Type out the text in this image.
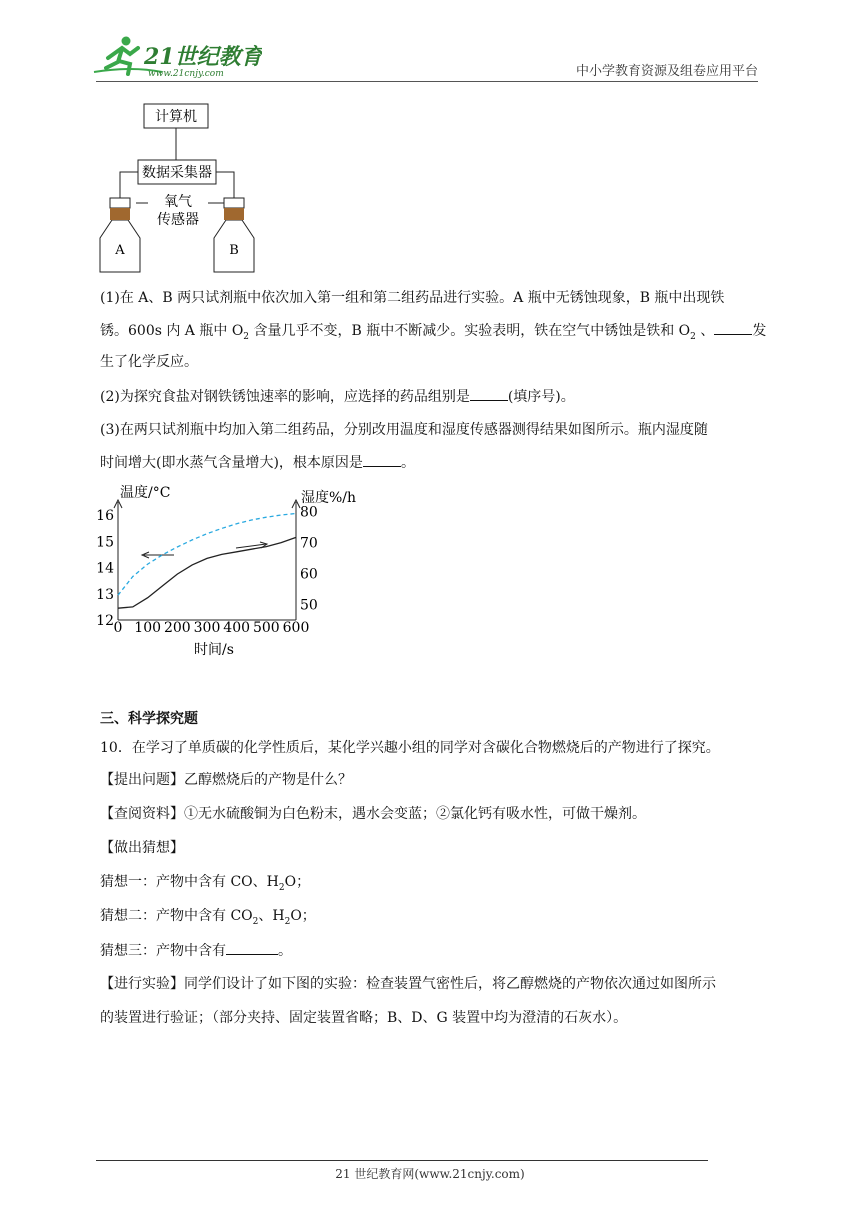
21世纪教育
www.21cnjy.com	中小学教育资源及组卷应用平台
计算机
数据采集器
氧气
传感器
A	B
(1)在 A、B 两只试剂瓶中依次加入第一组和第二组药品进行实验。A 瓶中无锈蚀现象，B 瓶中出现铁
锈。600s 内 A 瓶中 $O_2$ 含量几乎不变，B 瓶中不断减少。实验表明，铁在空气中锈蚀是铁和 $O_2$ 、	发
生了化学反应。
(2)为探究食盐对钢铁锈蚀速率的影响，应选择的药品组别是	(填序号)。
(3)在两只试剂瓶中均加入第二组药品，分别改用温度和湿度传感器测得结果如图所示。瓶内湿度随
时间增大(即水蒸气含量增大)，根本原因是	。
温度/°C	湿度%/h
时间/s
0 100 200 300 400 500 600
12
13
14
15
16
50
60
70
80
三、科学探究题
10．在学习了单质碳的化学性质后，某化学兴趣小组的同学对含碳化合物燃烧后的产物进行了探究。
【提出问题】乙醇燃烧后的产物是什么？
【查阅资料】①无水硫酸铜为白色粉末，遇水会变蓝；②氯化钙有吸水性，可做干燥剂。
【做出猜想】
猜想一：产物中含有 CO、$H_2O$；
猜想二：产物中含有 $CO_2$、$H_2O$；
猜想三：产物中含有	。
【进行实验】同学们设计了如下图的实验：检查装置气密性后，将乙醇燃烧的产物依次通过如图所示
的装置进行验证；（部分夹持、固定装置省略；B、D、G 装置中均为澄清的石灰水）。
21 世纪教育网(www.21cnjy.com)
